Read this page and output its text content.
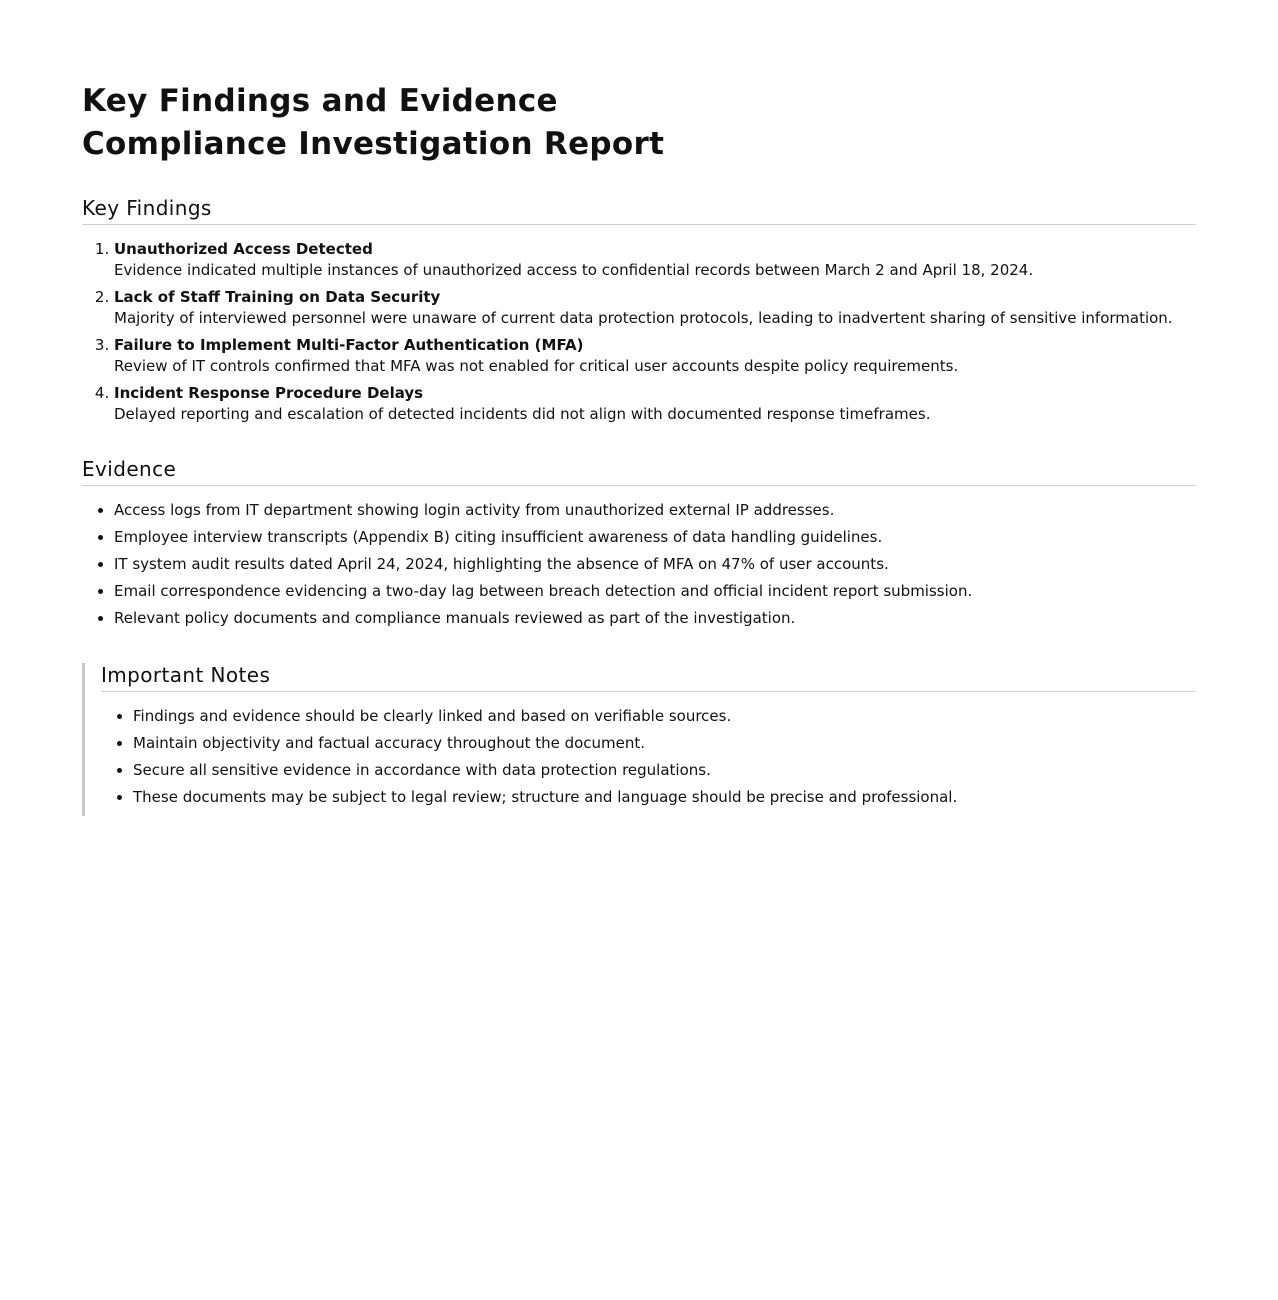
Key Findings and Evidence
Compliance Investigation Report
Key Findings
1. Unauthorized Access Detected
Evidence indicated multiple instances of unauthorized access to confidential records between March 2 and April 18, 2024.
2. Lack of Staff Training on Data Security
Majority of interviewed personnel were unaware of current data protection protocols, leading to inadvertent sharing of sensitive information.
3. Failure to Implement Multi-Factor Authentication (MFA)
Review of IT controls confirmed that MFA was not enabled for critical user accounts despite policy requirements.
4. Incident Response Procedure Delays
Delayed reporting and escalation of detected incidents did not align with documented response timeframes.
Evidence
• Access logs from IT department showing login activity from unauthorized external IP addresses.
• Employee interview transcripts (Appendix B) citing insufficient awareness of data handling guidelines.
• IT system audit results dated April 24, 2024, highlighting the absence of MFA on 47% of user accounts.
• Email correspondence evidencing a two-day lag between breach detection and official incident report submission.
• Relevant policy documents and compliance manuals reviewed as part of the investigation.
Important Notes
• Findings and evidence should be clearly linked and based on verifiable sources.
• Maintain objectivity and factual accuracy throughout the document.
• Secure all sensitive evidence in accordance with data protection regulations.
• These documents may be subject to legal review; structure and language should be precise and professional.
